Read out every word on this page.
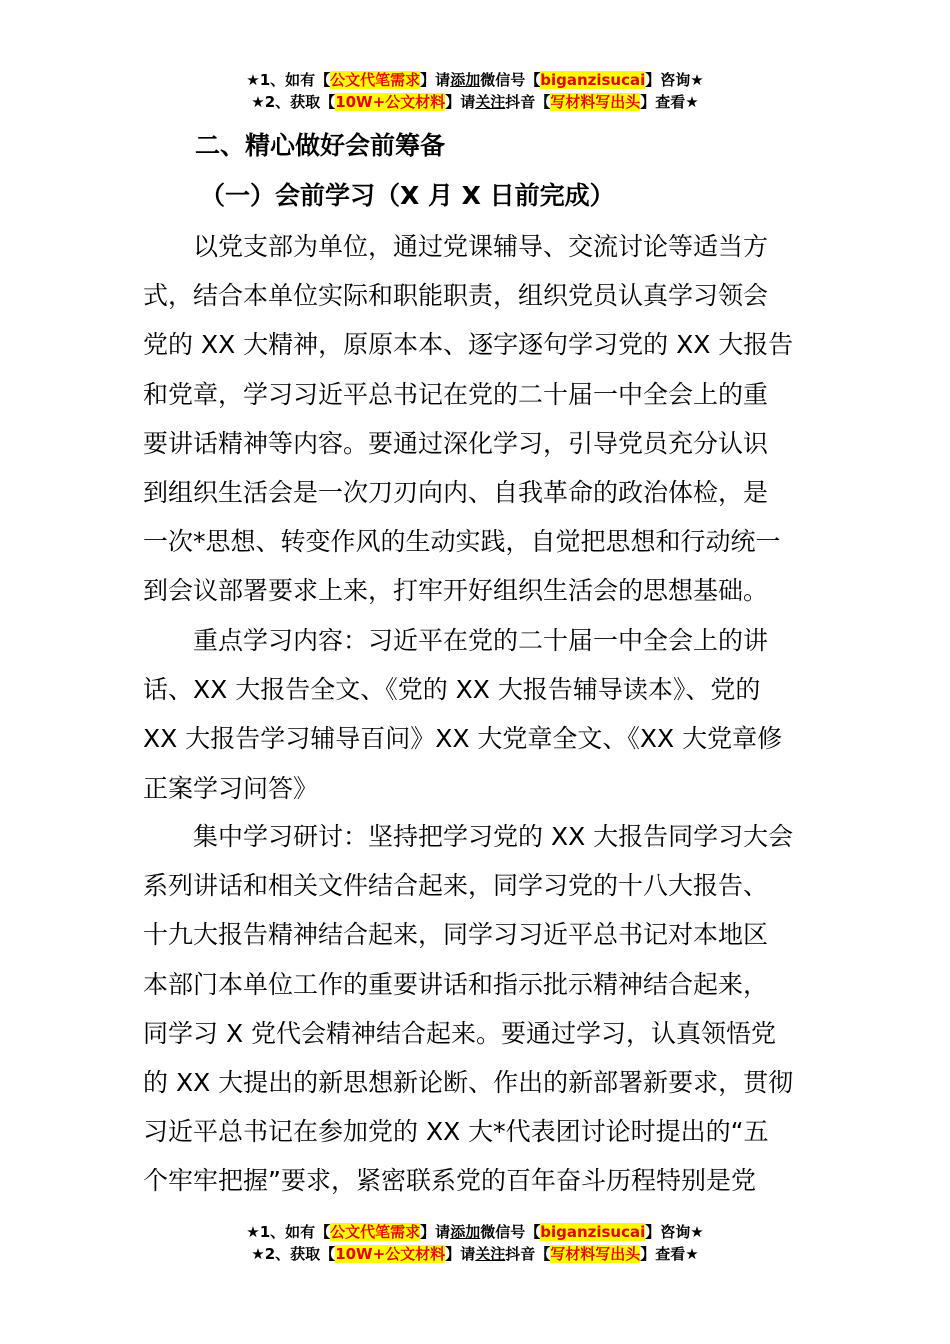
★1、如有【公文代笔需求】请添加微信号【biganzisucai】咨询★
★2、获取【10W+公文材料】请关注抖音【写材料写出头】查看★
二、精心做好会前筹备
（一）会前学习（X 月 X 日前完成）
　　以党支部为单位，通过党课辅导、交流讨论等适当方
式，结合本单位实际和职能职责，组织党员认真学习领会
党的 XX 大精神，原原本本、逐字逐句学习党的 XX 大报告
和党章，学习习近平总书记在党的二十届一中全会上的重
要讲话精神等内容。要通过深化学习，引导党员充分认识
到组织生活会是一次刀刃向内、自我革命的政治体检，是
一次*思想、转变作风的生动实践，自觉把思想和行动统一
到会议部署要求上来，打牢开好组织生活会的思想基础。
　　重点学习内容：习近平在党的二十届一中全会上的讲
话、XX 大报告全文、《党的 XX 大报告辅导读本》、党的
XX 大报告学习辅导百问》XX 大党章全文、《XX 大党章修
正案学习问答》
　　集中学习研讨：坚持把学习党的 XX 大报告同学习大会
系列讲话和相关文件结合起来，同学习党的十八大报告、
十九大报告精神结合起来，同学习习近平总书记对本地区
本部门本单位工作的重要讲话和指示批示精神结合起来，
同学习 X 党代会精神结合起来。要通过学习，认真领悟党
的 XX 大提出的新思想新论断、作出的新部署新要求，贯彻
习近平总书记在参加党的 XX 大*代表团讨论时提出的“五
个牢牢把握”要求，紧密联系党的百年奋斗历程特别是党
★1、如有【公文代笔需求】请添加微信号【biganzisucai】咨询★
★2、获取【10W+公文材料】请关注抖音【写材料写出头】查看★
